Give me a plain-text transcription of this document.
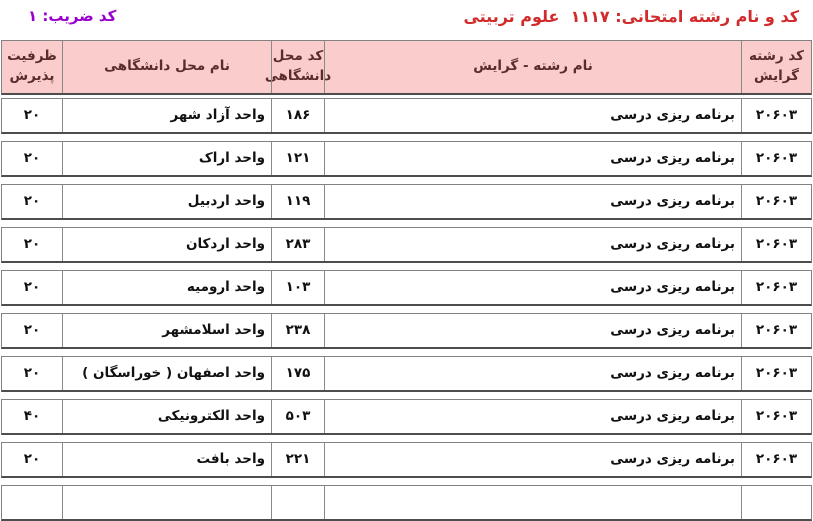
کد و نام رشته امتحانی: ۱۱۱۷  علوم تربیتی
کد ضریب: ۱
کد رشته گرایش
نام رشته - گرایش
کد محل دانشگاهی
نام محل دانشگاهی
ظرفیت پذیرش
۲۰۶۰۳
برنامه ریزی درسی
۱۸۶
واحد آزاد شهر
۲۰
۲۰۶۰۳
برنامه ریزی درسی
۱۲۱
واحد اراک
۲۰
۲۰۶۰۳
برنامه ریزی درسی
۱۱۹
واحد اردبیل
۲۰
۲۰۶۰۳
برنامه ریزی درسی
۲۸۳
واحد اردکان
۲۰
۲۰۶۰۳
برنامه ریزی درسی
۱۰۳
واحد ارومیه
۲۰
۲۰۶۰۳
برنامه ریزی درسی
۲۳۸
واحد اسلامشهر
۲۰
۲۰۶۰۳
برنامه ریزی درسی
۱۷۵
واحد اصفهان ( خوراسگان )
۲۰
۲۰۶۰۳
برنامه ریزی درسی
۵۰۳
واحد الکترونیکی
۴۰
۲۰۶۰۳
برنامه ریزی درسی
۲۲۱
واحد بافت
۲۰
